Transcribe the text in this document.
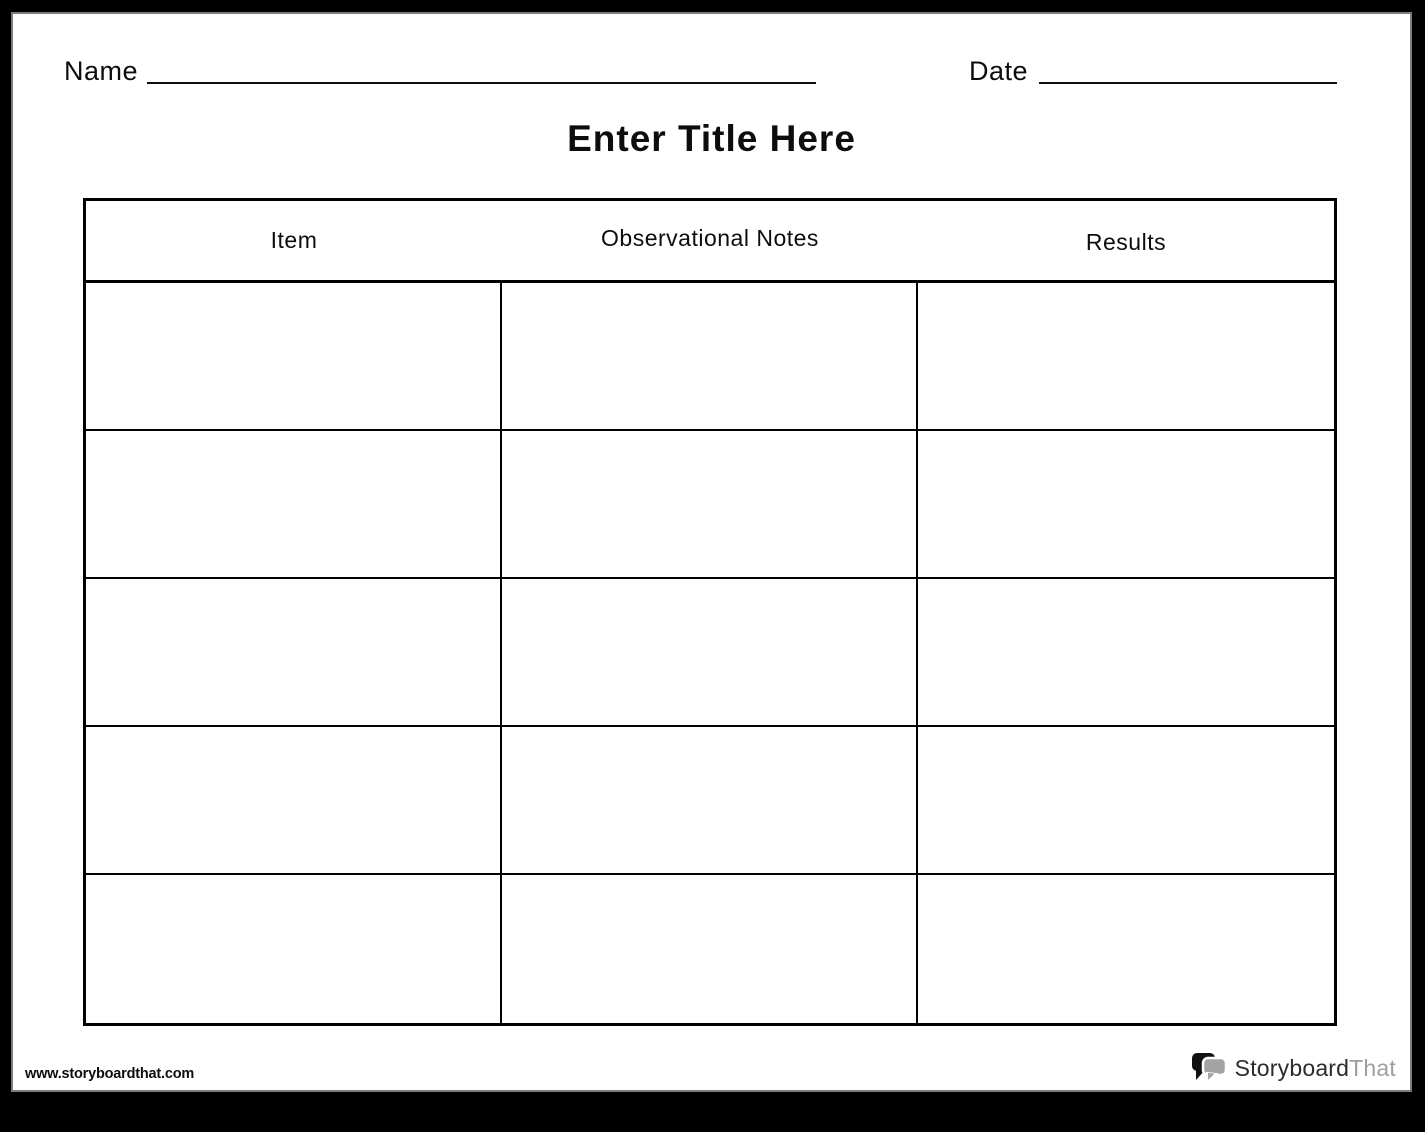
Name	Date
Enter Title Here
Item	Observational Notes	Results
www.storyboardthat.com	StoryboardThat
